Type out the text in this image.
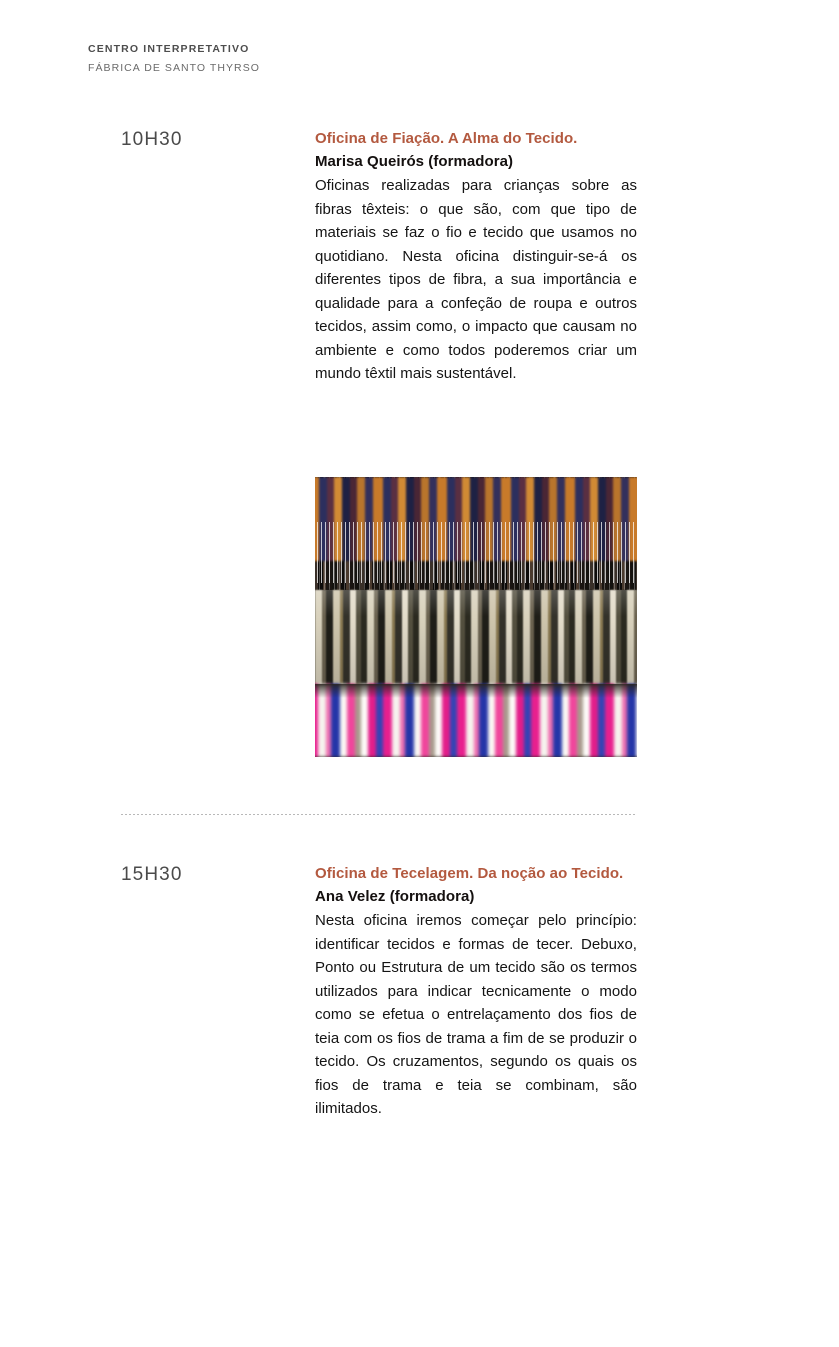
CENTRO INTERPRETATIVO
FÁBRICA DE SANTO THYRSO
10H30	Oficina de Fiação. A Alma do Tecido.

Marisa Queirós (formadora)

Oficinas realizadas para crianças sobre as fibras têxteis: o que são, com que tipo de materiais se faz o fio e tecido que usamos no quotidiano. Nesta oficina distinguir-se-á os diferentes tipos de fibra, a sua importância e qualidade para a confeção de roupa e outros tecidos, assim como, o impacto que causam no ambiente e como todos poderemos criar um mundo têxtil mais sustentável.

15H30	Oficina de Tecelagem. Da noção ao Tecido.

Ana Velez (formadora)

Nesta oficina iremos começar pelo princípio: identificar tecidos e formas de tecer. Debuxo, Ponto ou Estrutura de um tecido são os termos utilizados para indicar tecnicamente o modo como se efetua o entrelaçamento dos fios de teia com os fios de trama a fim de se produzir o tecido. Os cruzamentos, segundo os quais os fios de trama e teia se combinam, são ilimitados.
